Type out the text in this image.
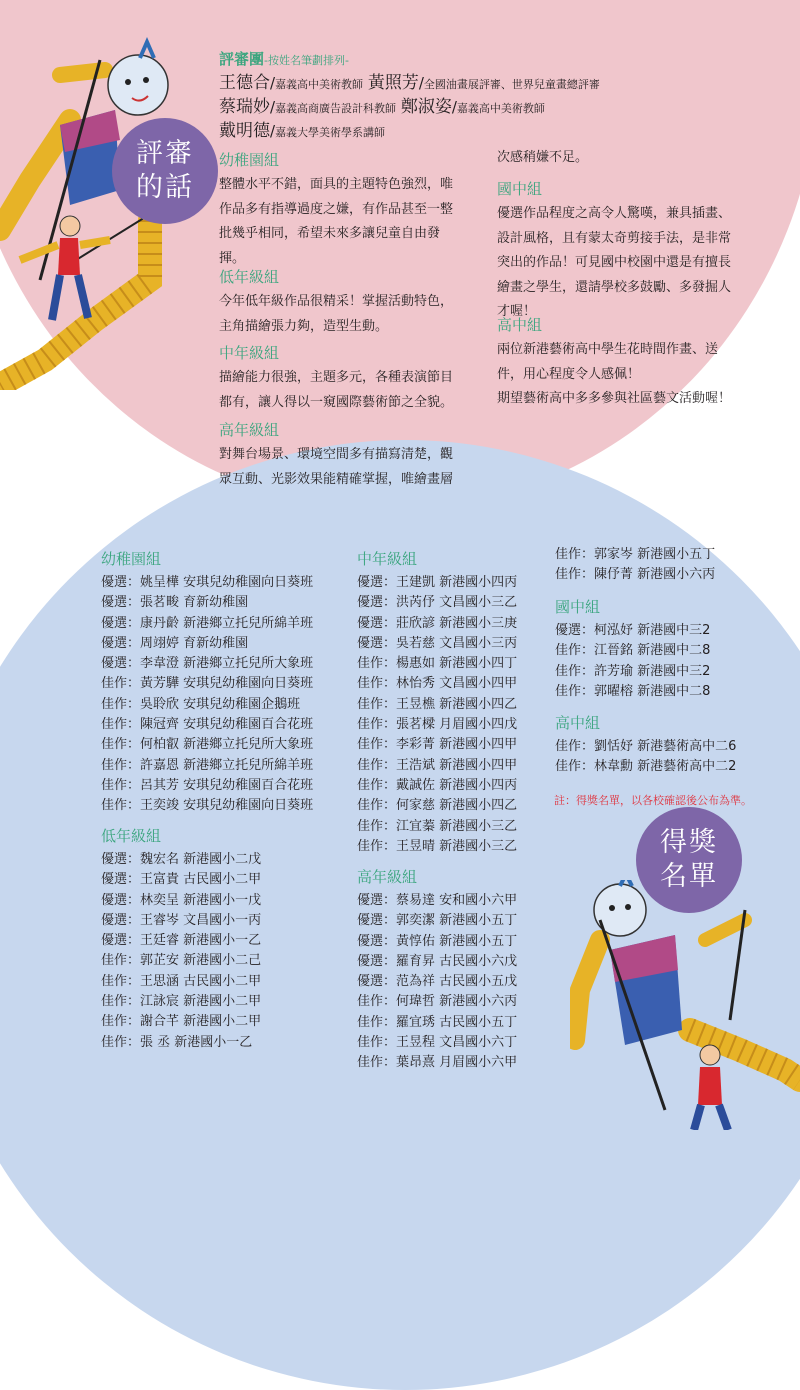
評審
的話
得獎
名單
評審團-按姓名筆劃排列-
王德合/嘉義高中美術教師 黃照芳/全國油畫展評審、世界兒童畫總評審
蔡瑞妙/嘉義高商廣告設計科教師 鄭淑姿/嘉義高中美術教師
戴明德/嘉義大學美術學系講師
幼稚園組
整體水平不錯，面具的主題特色強烈，唯
作品多有指導過度之嫌，有作品甚至一整
批幾乎相同，希望未來多讓兒童自由發
揮。
低年級組
今年低年級作品很精采！掌握活動特色，
主角描繪張力夠，造型生動。
中年級組
描繪能力很強，主題多元，各種表演節目
都有，讓人得以一窺國際藝術節之全貌。
高年級組
對舞台場景、環境空間多有描寫清楚，觀
眾互動、光影效果能精確掌握，唯繪畫層
次感稍嫌不足。
國中組
優選作品程度之高令人驚嘆，兼具插畫、
設計風格，且有蒙太奇剪接手法，是非常
突出的作品！可見國中校園中還是有擅長
繪畫之學生，還請學校多鼓勵、多發掘人
才喔！
高中組
兩位新港藝術高中學生花時間作畫、送
件，用心程度令人感佩！
期望藝術高中多多參與社區藝文活動喔！
幼稚園組
優選：姚呈樺 安琪兒幼稚園向日葵班
優選：張茗畯 育新幼稚園
優選：康丹齡 新港鄉立托兒所綿羊班
優選：周翊婷 育新幼稚園
優選：李韋澄 新港鄉立托兒所大象班
佳作：黃芳驊 安琪兒幼稚園向日葵班
佳作：吳聆欣 安琪兒幼稚園企鵝班
佳作：陳冠齊 安琪兒幼稚園百合花班
佳作：何柏叡 新港鄉立托兒所大象班
佳作：許嘉恩 新港鄉立托兒所綿羊班
佳作：呂其芳 安琪兒幼稚園百合花班
佳作：王奕竣 安琪兒幼稚園向日葵班
低年級組
優選：魏宏名 新港國小二戊
優選：王富貴 古民國小二甲
優選：林奕呈 新港國小一戊
優選：王睿岑 文昌國小一丙
優選：王廷睿 新港國小一乙
佳作：郭芷安 新港國小二己
佳作：王思涵 古民國小二甲
佳作：江詠宸 新港國小二甲
佳作：謝合芊 新港國小二甲
佳作：張 丞 新港國小一乙
中年級組
優選：王建凱 新港國小四丙
優選：洪芮伃 文昌國小三乙
優選：莊欣諺 新港國小三庚
優選：吳若慈 文昌國小三丙
佳作：楊惠如 新港國小四丁
佳作：林怡秀 文昌國小四甲
佳作：王昱樵 新港國小四乙
佳作：張茗樑 月眉國小四戊
佳作：李彩菁 新港國小四甲
佳作：王浩斌 新港國小四甲
佳作：戴誠佐 新港國小四丙
佳作：何家慈 新港國小四乙
佳作：江宜蓁 新港國小三乙
佳作：王昱晴 新港國小三乙
高年級組
優選：蔡易達 安和國小六甲
優選：郭奕潔 新港國小五丁
優選：黃惇佑 新港國小五丁
優選：羅育昇 古民國小六戊
優選：范為祥 古民國小五戊
佳作：何瑋哲 新港國小六丙
佳作：羅宜琇 古民國小五丁
佳作：王昱程 文昌國小六丁
佳作：葉昂熹 月眉國小六甲
佳作：郭家岑 新港國小五丁
佳作：陳伃菁 新港國小六丙
國中組
優選：柯泓妤 新港國中三2
佳作：江晉銘 新港國中二8
佳作：許芳瑜 新港國中三2
佳作：郭曜榕 新港國中二8
高中組
佳作：劉恬妤 新港藝術高中二6
佳作：林韋勳 新港藝術高中二2
註：得獎名單，以各校確認後公布為準。
